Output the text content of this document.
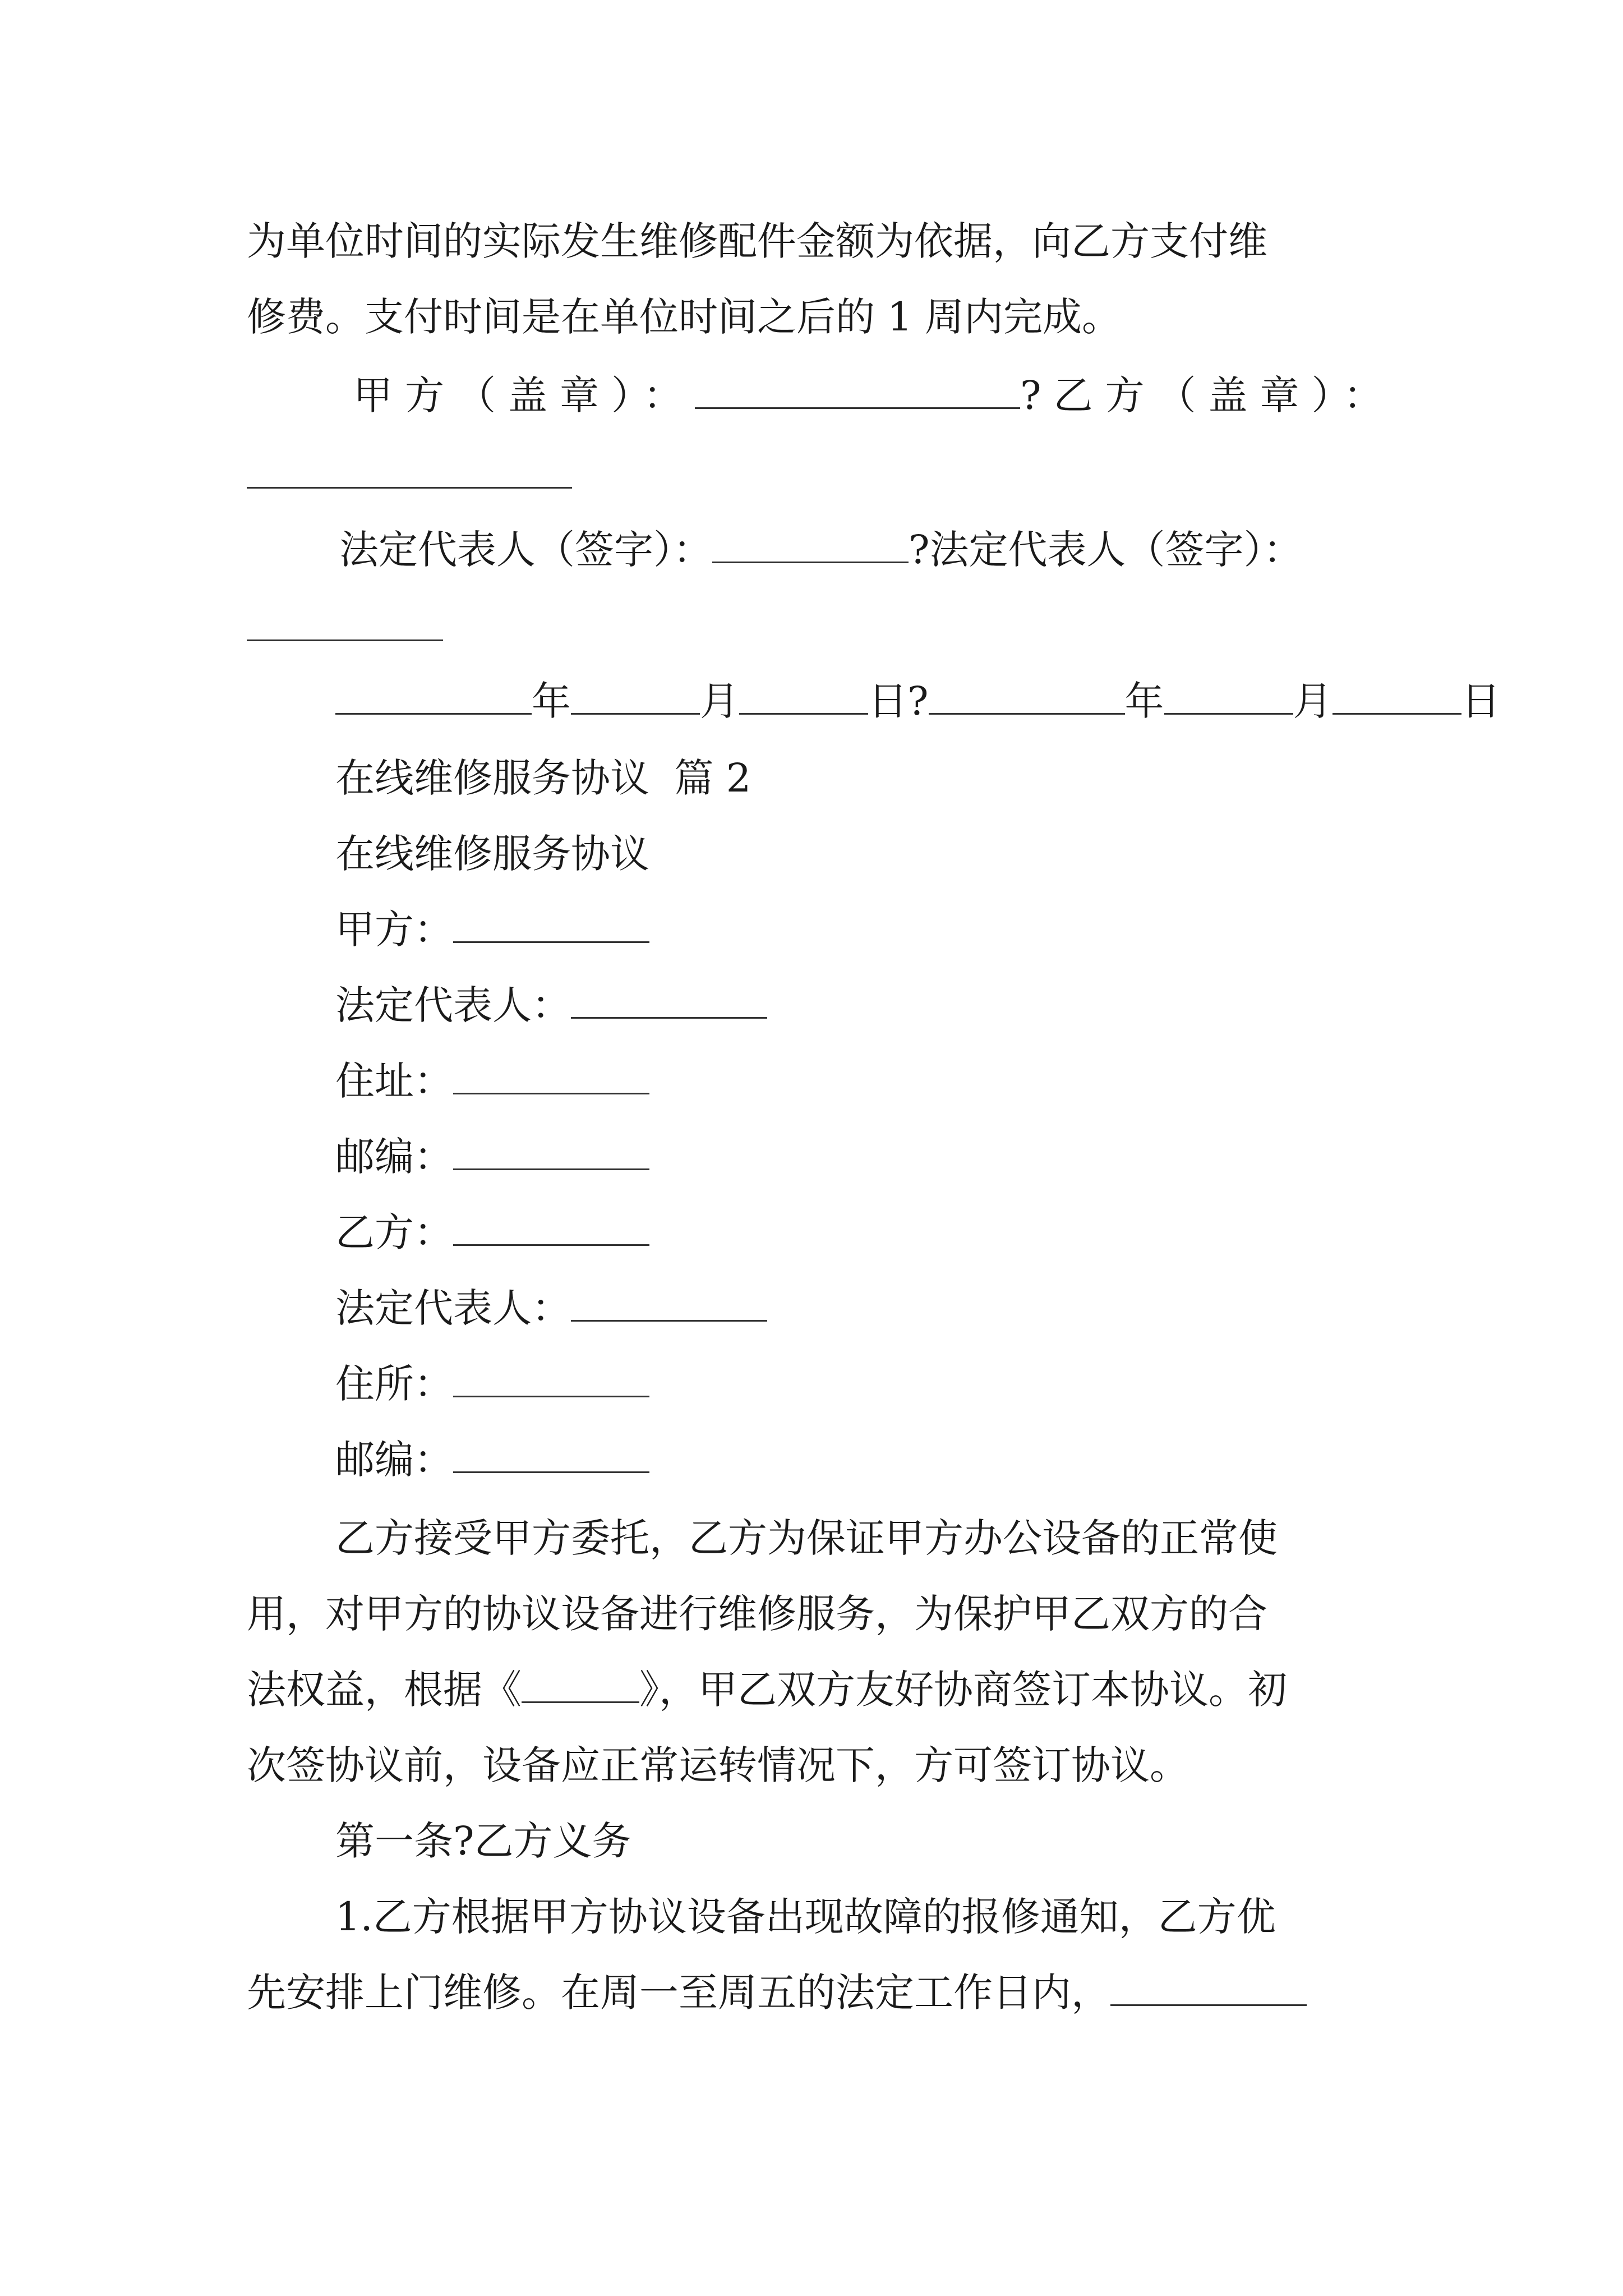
为单位时间的实际发生维修配件金额为依据，向乙方支付维
修费。支付时间是在单位时间之后的 1 周内完成。
甲方（盖章）：	?乙方（盖章）：
法定代表人（签字）：	?法定代表人（签字）：
年	月	日?	年	月	日
在线维修服务协议  篇 2
在线维修服务协议
甲方：
法定代表人：
住址：
邮编：
乙方：
法定代表人：
住所：
邮编：
乙方接受甲方委托，乙方为保证甲方办公设备的正常使
用，对甲方的协议设备进行维修服务，为保护甲乙双方的合
法权益，根据《	》，甲乙双方友好协商签订本协议。初
次签协议前，设备应正常运转情况下，方可签订协议。
第一条?乙方义务
1.乙方根据甲方协议设备出现故障的报修通知，乙方优
先安排上门维修。在周一至周五的法定工作日内，
